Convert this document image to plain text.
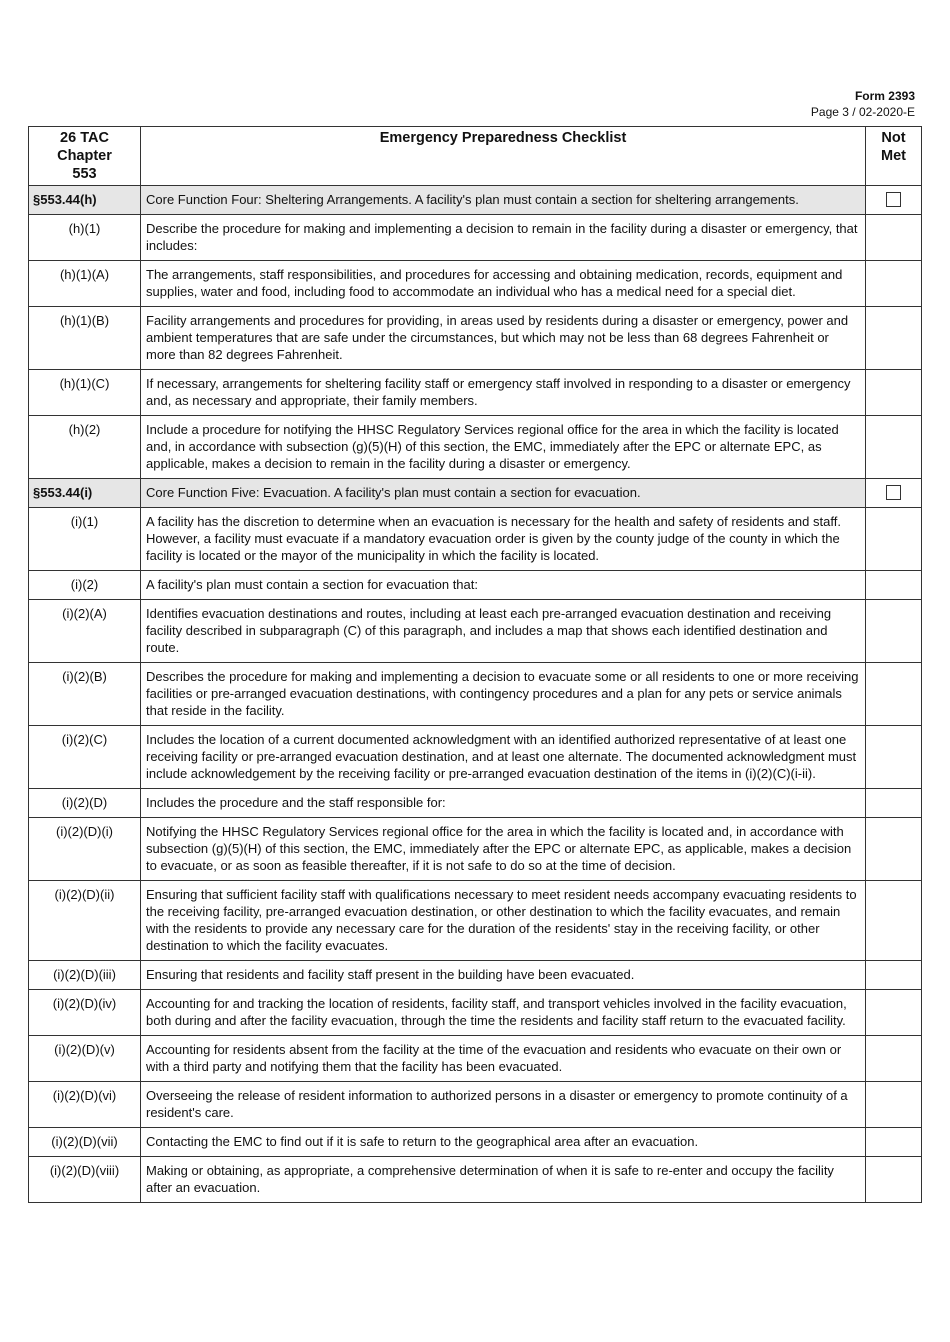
Form 2393
Page 3 / 02-2020-E
26 TAC Chapter 553	Emergency Preparedness Checklist	Not Met
§553.44(h)	Core Function Four: Sheltering Arrangements. A facility's plan must contain a section for sheltering arrangements.	
(h)(1)	Describe the procedure for making and implementing a decision to remain in the facility during a disaster or emergency, that includes:	
(h)(1)(A)	The arrangements, staff responsibilities, and procedures for accessing and obtaining medication, records, equipment and supplies, water and food, including food to accommodate an individual who has a medical need for a special diet.	
(h)(1)(B)	Facility arrangements and procedures for providing, in areas used by residents during a disaster or emergency, power and ambient temperatures that are safe under the circumstances, but which may not be less than 68 degrees Fahrenheit or more than 82 degrees Fahrenheit.	
(h)(1)(C)	If necessary, arrangements for sheltering facility staff or emergency staff involved in responding to a disaster or emergency and, as necessary and appropriate, their family members.	
(h)(2)	Include a procedure for notifying the HHSC Regulatory Services regional office for the area in which the facility is located and, in accordance with subsection (g)(5)(H) of this section, the EMC, immediately after the EPC or alternate EPC, as applicable, makes a decision to remain in the facility during a disaster or emergency.	
§553.44(i)	Core Function Five: Evacuation. A facility's plan must contain a section for evacuation.	
(i)(1)	A facility has the discretion to determine when an evacuation is necessary for the health and safety of residents and staff. However, a facility must evacuate if a mandatory evacuation order is given by the county judge of the county in which the facility is located or the mayor of the municipality in which the facility is located.	
(i)(2)	A facility's plan must contain a section for evacuation that:	
(i)(2)(A)	Identifies evacuation destinations and routes, including at least each pre-arranged evacuation destination and receiving facility described in subparagraph (C) of this paragraph, and includes a map that shows each identified destination and route.	
(i)(2)(B)	Describes the procedure for making and implementing a decision to evacuate some or all residents to one or more receiving facilities or pre-arranged evacuation destinations, with contingency procedures and a plan for any pets or service animals that reside in the facility.	
(i)(2)(C)	Includes the location of a current documented acknowledgment with an identified authorized representative of at least one receiving facility or pre-arranged evacuation destination, and at least one alternate. The documented acknowledgment must include acknowledgement by the receiving facility or pre-arranged evacuation destination of the items in (i)(2)(C)(i-ii).	
(i)(2)(D)	Includes the procedure and the staff responsible for:	
(i)(2)(D)(i)	Notifying the HHSC Regulatory Services regional office for the area in which the facility is located and, in accordance with subsection (g)(5)(H) of this section, the EMC, immediately after the EPC or alternate EPC, as applicable, makes a decision to evacuate, or as soon as feasible thereafter, if it is not safe to do so at the time of decision.	
(i)(2)(D)(ii)	Ensuring that sufficient facility staff with qualifications necessary to meet resident needs accompany evacuating residents to the receiving facility, pre-arranged evacuation destination, or other destination to which the facility evacuates, and remain with the residents to provide any necessary care for the duration of the residents' stay in the receiving facility, or other destination to which the facility evacuates.	
(i)(2)(D)(iii)	Ensuring that residents and facility staff present in the building have been evacuated.	
(i)(2)(D)(iv)	Accounting for and tracking the location of residents, facility staff, and transport vehicles involved in the facility evacuation, both during and after the facility evacuation, through the time the residents and facility staff return to the evacuated facility.	
(i)(2)(D)(v)	Accounting for residents absent from the facility at the time of the evacuation and residents who evacuate on their own or with a third party and notifying them that the facility has been evacuated.	
(i)(2)(D)(vi)	Overseeing the release of resident information to authorized persons in a disaster or emergency to promote continuity of a resident's care.	
(i)(2)(D)(vii)	Contacting the EMC to find out if it is safe to return to the geographical area after an evacuation.	
(i)(2)(D)(viii)	Making or obtaining, as appropriate, a comprehensive determination of when it is safe to re-enter and occupy the facility after an evacuation.	
